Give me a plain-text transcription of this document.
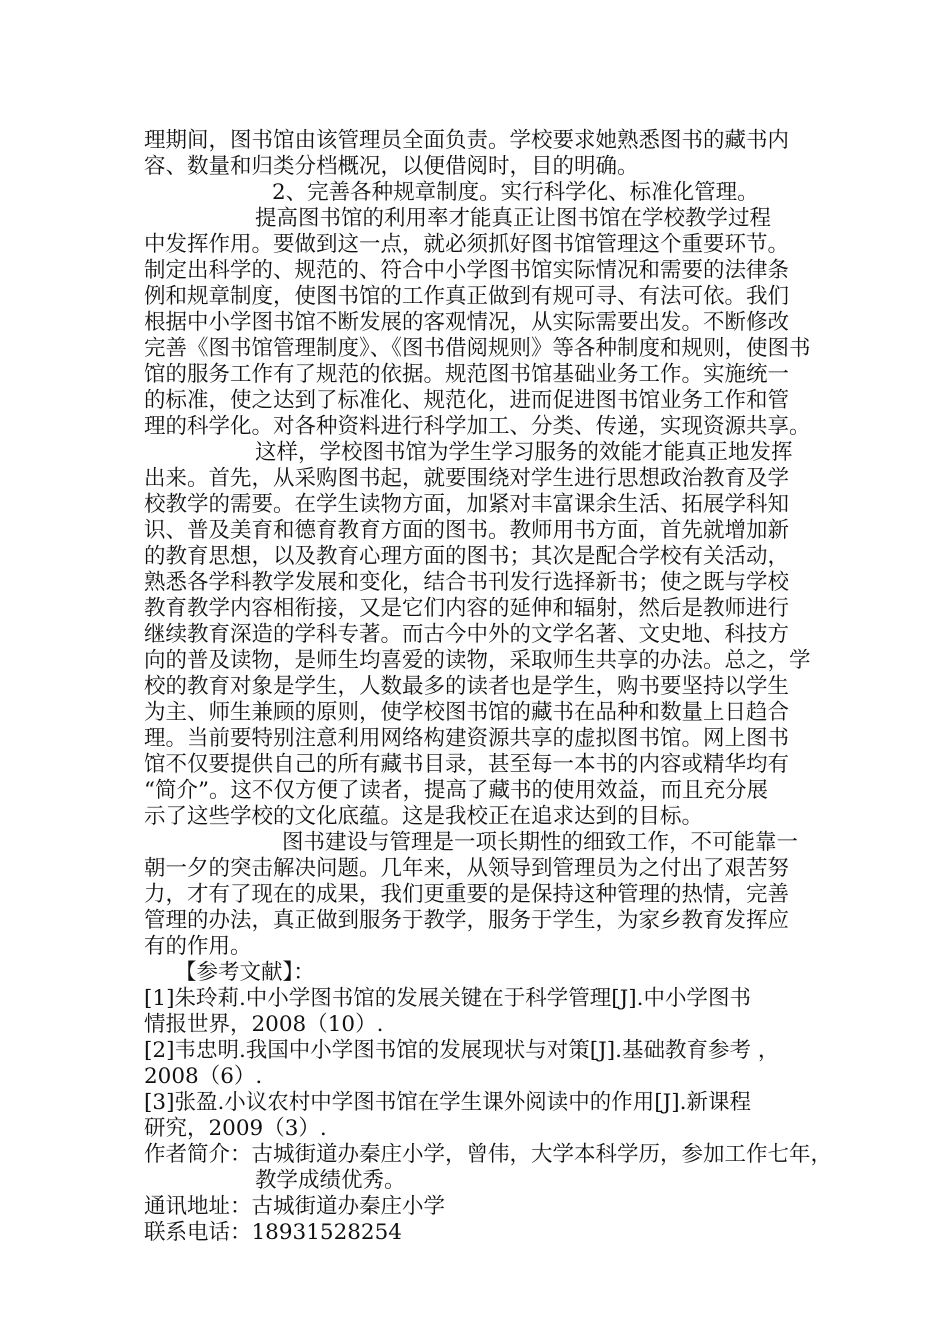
理期间，图书馆由该管理员全面负责。学校要求她熟悉图书的藏书内
容、数量和归类分档概况，以便借阅时，目的明确。
2、完善各种规章制度。实行科学化、标准化管理。
提高图书馆的利用率才能真正让图书馆在学校教学过程
中发挥作用。要做到这一点，就必须抓好图书馆管理这个重要环节。
制定出科学的、规范的、符合中小学图书馆实际情况和需要的法律条
例和规章制度，使图书馆的工作真正做到有规可寻、有法可依。我们
根据中小学图书馆不断发展的客观情况，从实际需要出发。不断修改
完善《图书馆管理制度》、《图书借阅规则》等各种制度和规则，使图书
馆的服务工作有了规范的依据。规范图书馆基础业务工作。实施统一
的标准，使之达到了标准化、规范化，进而促进图书馆业务工作和管
理的科学化。对各种资料进行科学加工、分类、传递，实现资源共享。
这样，学校图书馆为学生学习服务的效能才能真正地发挥
出来。首先，从采购图书起，就要围绕对学生进行思想政治教育及学
校教学的需要。在学生读物方面，加紧对丰富课余生活、拓展学科知
识、普及美育和德育教育方面的图书。教师用书方面，首先就增加新
的教育思想，以及教育心理方面的图书；其次是配合学校有关活动，
熟悉各学科教学发展和变化，结合书刊发行选择新书；使之既与学校
教育教学内容相衔接，又是它们内容的延伸和辐射，然后是教师进行
继续教育深造的学科专著。而古今中外的文学名著、文史地、科技方
向的普及读物，是师生均喜爱的读物，采取师生共享的办法。总之，学
校的教育对象是学生，人数最多的读者也是学生，购书要坚持以学生
为主、师生兼顾的原则，使学校图书馆的藏书在品种和数量上日趋合
理。当前要特别注意利用网络构建资源共享的虚拟图书馆。网上图书
馆不仅要提供自己的所有藏书目录，甚至每一本书的内容或精华均有
“简介”。这不仅方便了读者，提高了藏书的使用效益，而且充分展
示了这些学校的文化底蕴。这是我校正在追求达到的目标。
图书建设与管理是一项长期性的细致工作，不可能靠一
朝一夕的突击解决问题。几年来，从领导到管理员为之付出了艰苦努
力，才有了现在的成果，我们更重要的是保持这种管理的热情，完善
管理的办法，真正做到服务于教学，服务于学生，为家乡教育发挥应
有的作用。
【参考文献】：
[1]朱玲莉.中小学图书馆的发展关键在于科学管理[J].中小学图书
情报世界，2008（10）.
[2]韦忠明.我国中小学图书馆的发展现状与对策[J].基础教育参考 ，
2008（6）.
[3]张盈.小议农村中学图书馆在学生课外阅读中的作用[J].新课程
研究，2009（3）.
作者简介：古城街道办秦庄小学，曾伟，大学本科学历，参加工作七年，
教学成绩优秀。
通讯地址：古城街道办秦庄小学
联系电话：18931528254
